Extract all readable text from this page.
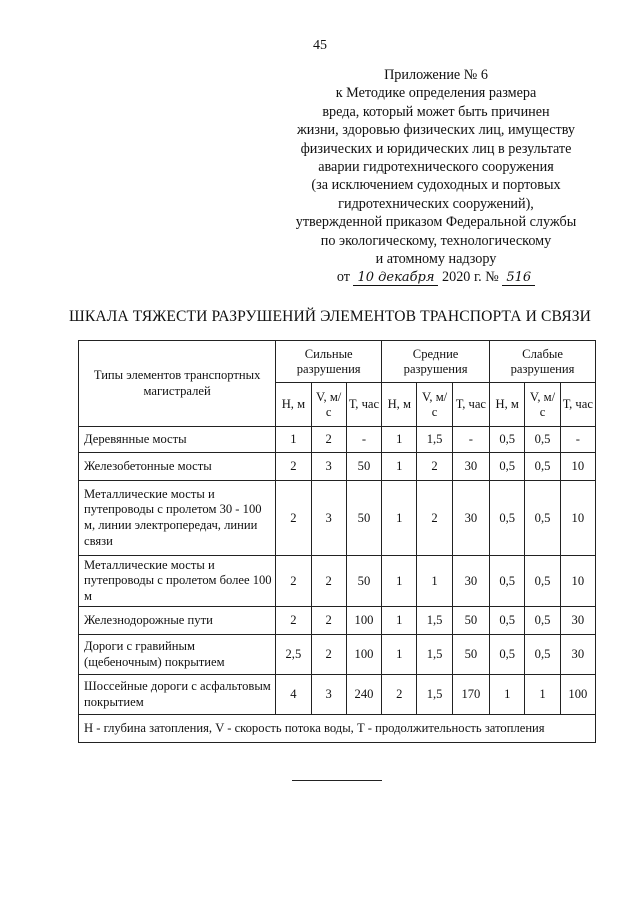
45
Приложение № 6
к Методике определения размера
вреда, который может быть причинен
жизни, здоровью физических лиц, имуществу
физических и юридических лиц в результате
аварии гидротехнического сооружения
(за исключением судоходных и портовых
гидротехнических сооружений),
утвержденной приказом Федеральной службы
по экологическому, технологическому
и атомному надзору
от 10 декабря 2020 г. № 516
ШКАЛА ТЯЖЕСТИ РАЗРУШЕНИЙ ЭЛЕМЕНТОВ ТРАНСПОРТА И СВЯЗИ
Типы элементов транспортных магистралей	Сильные разрушения			Средние разрушения			Слабые разрушения		
	Н, м	V, м/с	Т, час	Н, м	V, м/с	Т, час	Н, м	V, м/с	Т, час
Деревянные мосты	1	2	-	1	1,5	-	0,5	0,5	-
Железобетонные мосты	2	3	50	1	2	30	0,5	0,5	10
Металлические мосты и путепроводы с пролетом 30 - 100 м, линии электропередач, линии связи	2	3	50	1	2	30	0,5	0,5	10
Металлические мосты и путепроводы с пролетом более 100 м	2	2	50	1	1	30	0,5	0,5	10
Железнодорожные пути	2	2	100	1	1,5	50	0,5	0,5	30
Дороги с гравийным (щебеночным) покрытием	2,5	2	100	1	1,5	50	0,5	0,5	30
Шоссейные дороги с асфальтовым покрытием	4	3	240	2	1,5	170	1	1	100
Н - глубина затопления, V - скорость потока воды, Т - продолжительность затопления									
